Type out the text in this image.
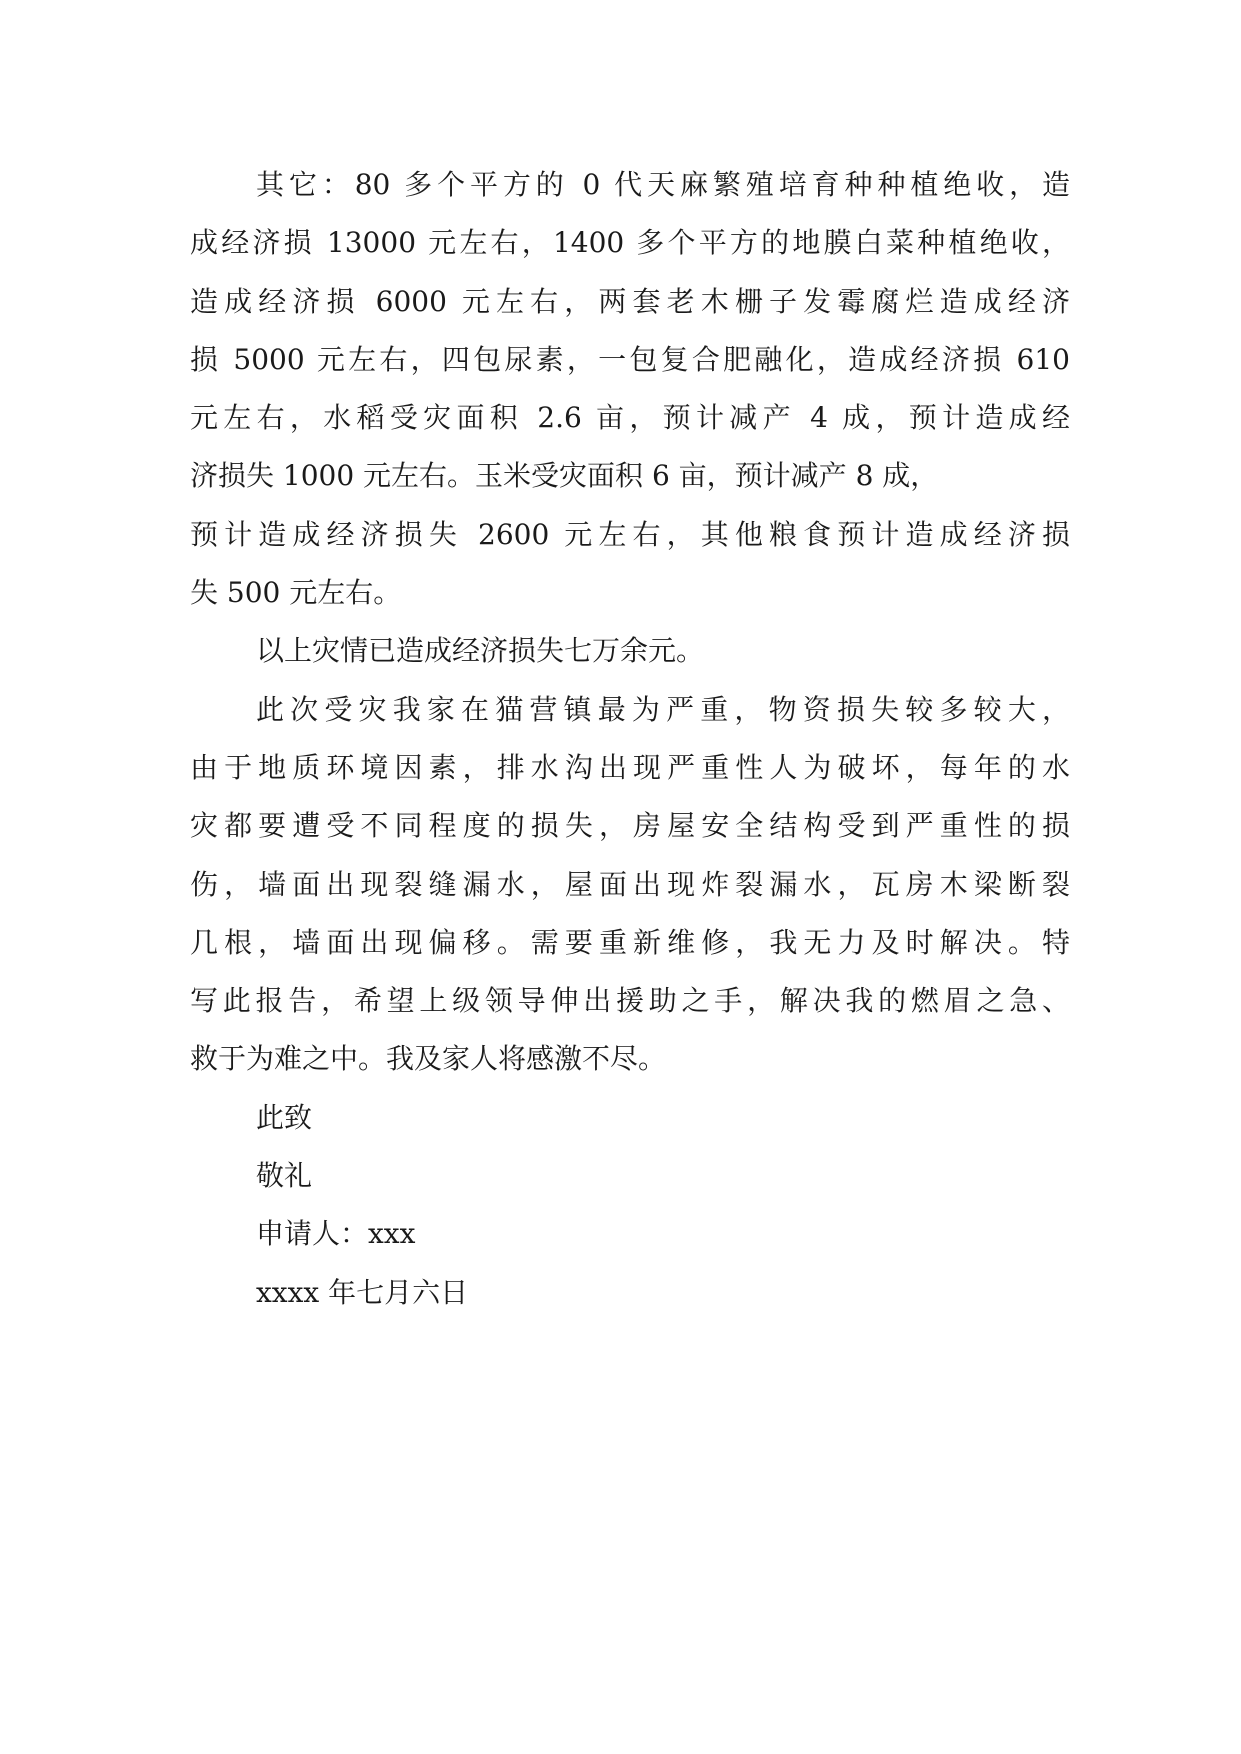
其它：80 多个平方的 0 代天麻繁殖培育种种植绝收，造
成经济损 13000 元左右，1400 多个平方的地膜白菜种植绝收，
造成经济损 6000 元左右，两套老木栅子发霉腐烂造成经济
损 5000 元左右，四包尿素，一包复合肥融化，造成经济损 610
元左右，水稻受灾面积 2.6 亩，预计减产 4 成，预计造成经
济损失 1000 元左右。玉米受灾面积 6 亩，预计减产 8 成，
预计造成经济损失 2600 元左右，其他粮食预计造成经济损
失 500 元左右。
以上灾情已造成经济损失七万余元。
此次受灾我家在猫营镇最为严重，物资损失较多较大，
由于地质环境因素，排水沟出现严重性人为破坏，每年的水
灾都要遭受不同程度的损失，房屋安全结构受到严重性的损
伤，墙面出现裂缝漏水，屋面出现炸裂漏水，瓦房木梁断裂
几根，墙面出现偏移。需要重新维修，我无力及时解决。特
写此报告，希望上级领导伸出援助之手，解决我的燃眉之急、
救于为难之中。我及家人将感激不尽。
此致
敬礼
申请人：xxx
xxxx 年七月六日
